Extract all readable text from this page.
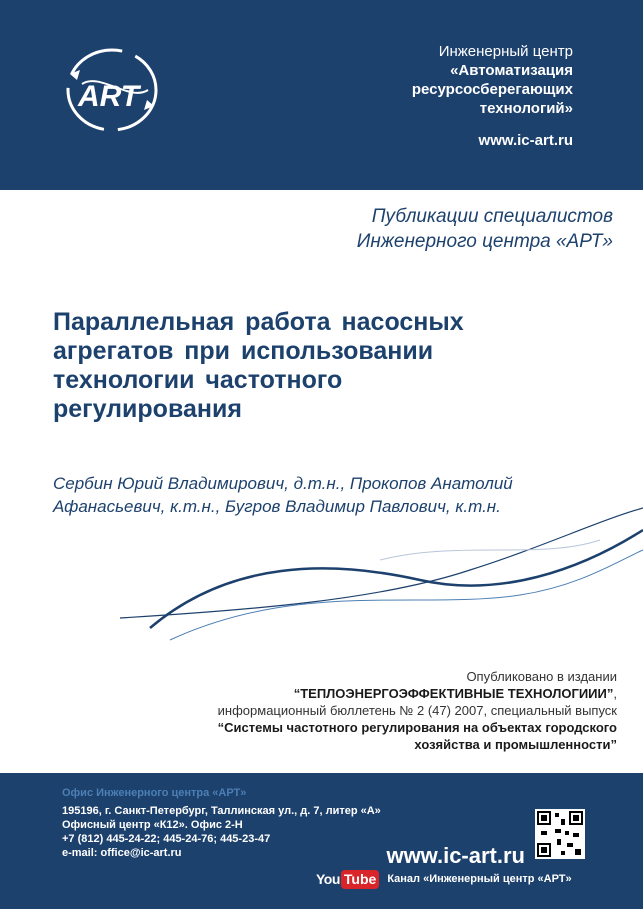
ART
Инженерный центр
«Автоматизация
ресурсосберегающих
технологий»
www.ic-art.ru
Публикации специалистов
Инженерного центра «АРТ»
Параллельная работа насосных
агрегатов при использовании
технологии частотного
регулирования
Сербин Юрий Владимирович, д.т.н., Прокопов Анатолий
Афанасьевич, к.т.н., Бугров Владимир Павлович, к.т.н.
Опубликовано в издании
“ТЕПЛОЭНЕРГОЭФФЕКТИВНЫЕ ТЕХНОЛОГИИИ”,
информационный бюллетень № 2 (47) 2007, специальный выпуск
“Системы частотного регулирования на объектах городского
хозяйства и промышленности”
Офис Инженерного центра «АРТ»
195196, г. Санкт-Петербург, Таллинская ул., д. 7, литер «А»
Офисный центр «К12». Офис 2-Н
+7 (812) 445-24-22; 445-24-76; 445-23-47
e-mail: office@ic-art.ru	www.ic-art.ru
You Tube Канал «Инженерный центр «АРТ»
